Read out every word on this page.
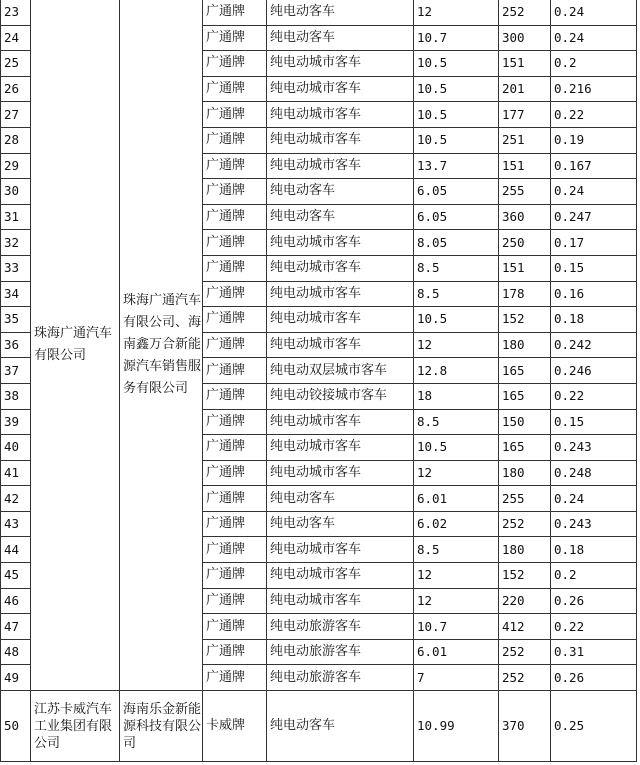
23	珠海广通汽车有限公司	珠海广通汽车有限公司、海南鑫万合新能源汽车销售服务有限公司	广通牌	纯电动客车	12	252	0.24
24			广通牌	纯电动客车	10.7	300	0.24
25			广通牌	纯电动城市客车	10.5	151	0.2
26			广通牌	纯电动城市客车	10.5	201	0.216
27			广通牌	纯电动城市客车	10.5	177	0.22
28			广通牌	纯电动城市客车	10.5	251	0.19
29			广通牌	纯电动城市客车	13.7	151	0.167
30			广通牌	纯电动客车	6.05	255	0.24
31			广通牌	纯电动客车	6.05	360	0.247
32			广通牌	纯电动城市客车	8.05	250	0.17
33			广通牌	纯电动城市客车	8.5	151	0.15
34			广通牌	纯电动城市客车	8.5	178	0.16
35			广通牌	纯电动城市客车	10.5	152	0.18
36			广通牌	纯电动城市客车	12	180	0.242
37			广通牌	纯电动双层城市客车	12.8	165	0.246
38			广通牌	纯电动铰接城市客车	18	165	0.22
39			广通牌	纯电动城市客车	8.5	150	0.15
40			广通牌	纯电动城市客车	10.5	165	0.243
41			广通牌	纯电动城市客车	12	180	0.248
42			广通牌	纯电动客车	6.01	255	0.24
43			广通牌	纯电动客车	6.02	252	0.243
44			广通牌	纯电动城市客车	8.5	180	0.18
45			广通牌	纯电动城市客车	12	152	0.2
46			广通牌	纯电动城市客车	12	220	0.26
47			广通牌	纯电动旅游客车	10.7	412	0.22
48			广通牌	纯电动旅游客车	6.01	252	0.31
49			广通牌	纯电动旅游客车	7	252	0.26
50	江苏卡威汽车工业集团有限公司	海南乐金新能源科技有限公司	卡威牌	纯电动客车	10.99	370	0.25
